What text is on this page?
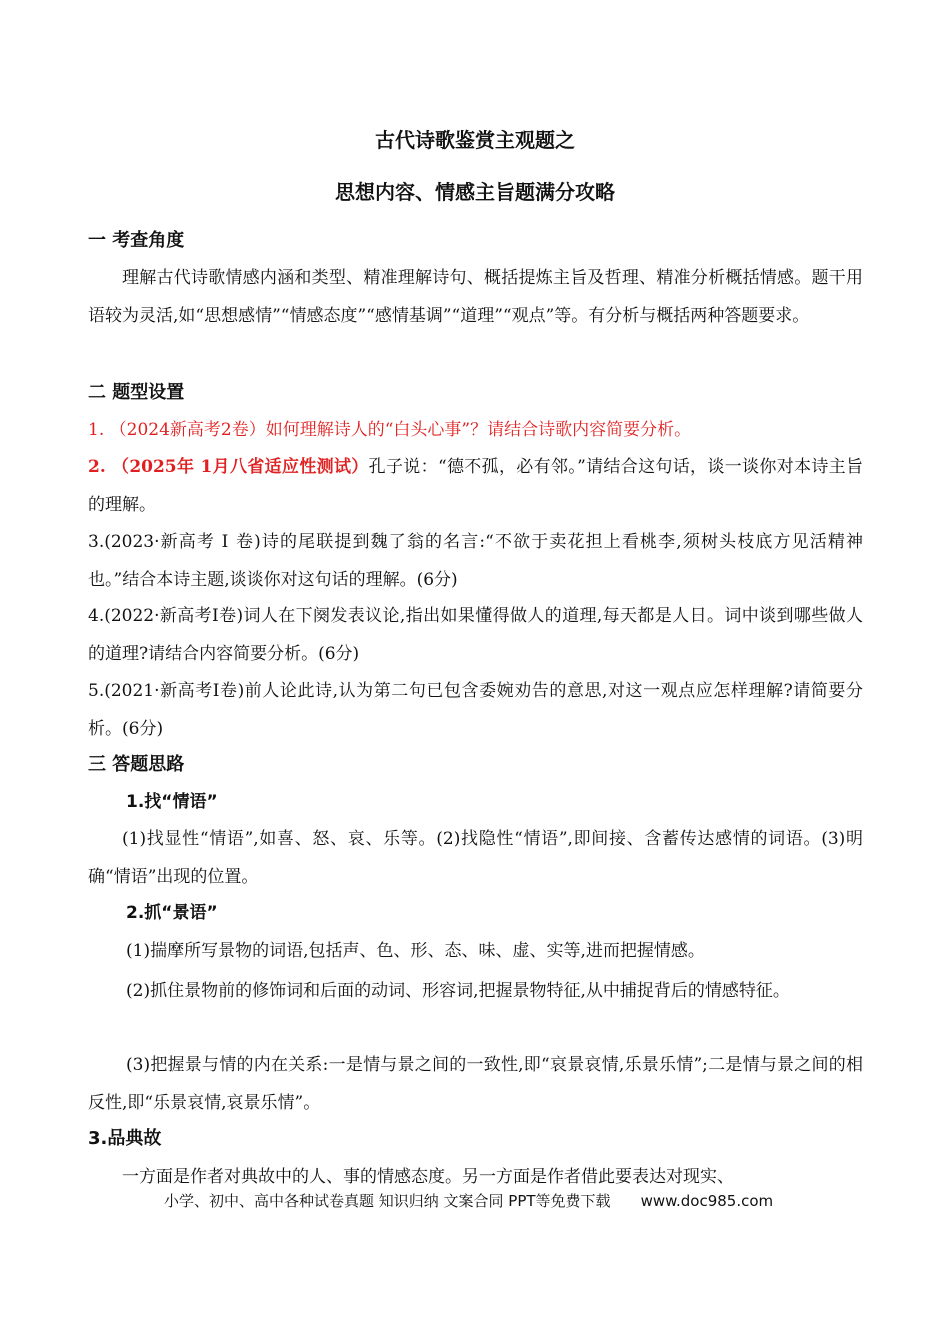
古代诗歌鉴赏主观题之
思想内容、情感主旨题满分攻略
一 考查角度

理解古代诗歌情感内涵和类型、精准理解诗句、概括提炼主旨及哲理、精准分析概括情感。题干用语较为灵活,如“思想感情”“情感态度”“感情基调”“道理”“观点”等。有分析与概括两种答题要求。

二 题型设置

1. （2024新高考2卷）如何理解诗人的“白头心事”？请结合诗歌内容简要分析。

2. （2025年 1月八省适应性测试）孔子说：“德不孤，必有邻。”请结合这句话，谈一谈你对本诗主旨的理解。

3.(2023·新高考 Ⅰ 卷)诗的尾联提到魏了翁的名言:“不欲于卖花担上看桃李,须树头枝底方见活精神也。”结合本诗主题,谈谈你对这句话的理解。(6分)

4.(2022·新高考Ⅰ卷)词人在下阕发表议论,指出如果懂得做人的道理,每天都是人日。词中谈到哪些做人的道理?请结合内容简要分析。(6分)

5.(2021·新高考Ⅰ卷)前人论此诗,认为第二句已包含委婉劝告的意思,对这一观点应怎样理解?请简要分析。(6分)

三 答题思路
1.找“情语”

(1)找显性“情语”,如喜、怒、哀、乐等。(2)找隐性“情语”,即间接、含蓄传达感情的词语。(3)明确“情语”出现的位置。

2.抓“景语”

(1)揣摩所写景物的词语,包括声、色、形、态、味、虚、实等,进而把握情感。

(2)抓住景物前的修饰词和后面的动词、形容词,把握景物特征,从中捕捉背后的情感特征。

(3)把握景与情的内在关系:一是情与景之间的一致性,即“哀景哀情,乐景乐情”;二是情与景之间的相反性,即“乐景哀情,哀景乐情”。

3.品典故

一方面是作者对典故中的人、事的情感态度。另一方面是作者借此要表达对现实、

小学、初中、高中各种试卷真题 知识归纳 文案合同 PPT等免费下载 www.doc985.com
